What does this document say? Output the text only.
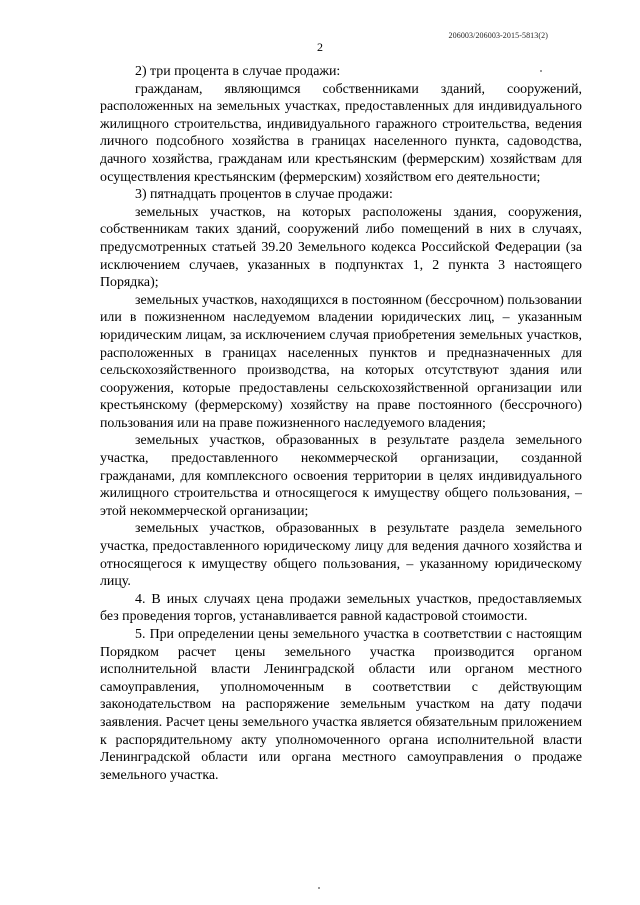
206003/206003-2015-5813(2)
2

2) три процента в случае продажи:

гражданам, являющимся собственниками зданий, сооружений, расположенных на земельных участках, предоставленных для индивидуального жилищного строительства, индивидуального гаражного строительства, ведения личного подсобного хозяйства в границах населенного пункта, садоводства, дачного хозяйства, гражданам или крестьянским (фермерским) хозяйствам для осуществления крестьянским (фермерским) хозяйством его деятельности;

3) пятнадцать процентов в случае продажи:

земельных участков, на которых расположены здания, сооружения, собственникам таких зданий, сооружений либо помещений в них в случаях, предусмотренных статьей 39.20 Земельного кодекса Российской Федерации (за исключением случаев, указанных в подпунктах 1, 2 пункта 3 настоящего Порядка);

земельных участков, находящихся в постоянном (бессрочном) пользовании или в пожизненном наследуемом владении юридических лиц, – указанным юридическим лицам, за исключением случая приобретения земельных участков, расположенных в границах населенных пунктов и предназначенных для сельскохозяйственного производства, на которых отсутствуют здания или сооружения, которые предоставлены сельскохозяйственной организации или крестьянскому (фермерскому) хозяйству на праве постоянного (бессрочного) пользования или на праве пожизненного наследуемого владения;

земельных участков, образованных в результате раздела земельного участка, предоставленного некоммерческой организации, созданной гражданами, для комплексного освоения территории в целях индивидуального жилищного строительства и относящегося к имуществу общего пользования, – этой некоммерческой организации;

земельных участков, образованных в результате раздела земельного участка, предоставленного юридическому лицу для ведения дачного хозяйства и относящегося к имуществу общего пользования, – указанному юридическому лицу.

4. В иных случаях цена продажи земельных участков, предоставляемых без проведения торгов, устанавливается равной кадастровой стоимости.

5. При определении цены земельного участка в соответствии с настоящим Порядком расчет цены земельного участка производится органом исполнительной власти Ленинградской области или органом местного самоуправления, уполномоченным в соответствии с действующим законодательством на распоряжение земельным участком на дату подачи заявления. Расчет цены земельного участка является обязательным приложением к распорядительному акту уполномоченного органа исполнительной власти Ленинградской области или органа местного самоуправления о продаже земельного участка.
